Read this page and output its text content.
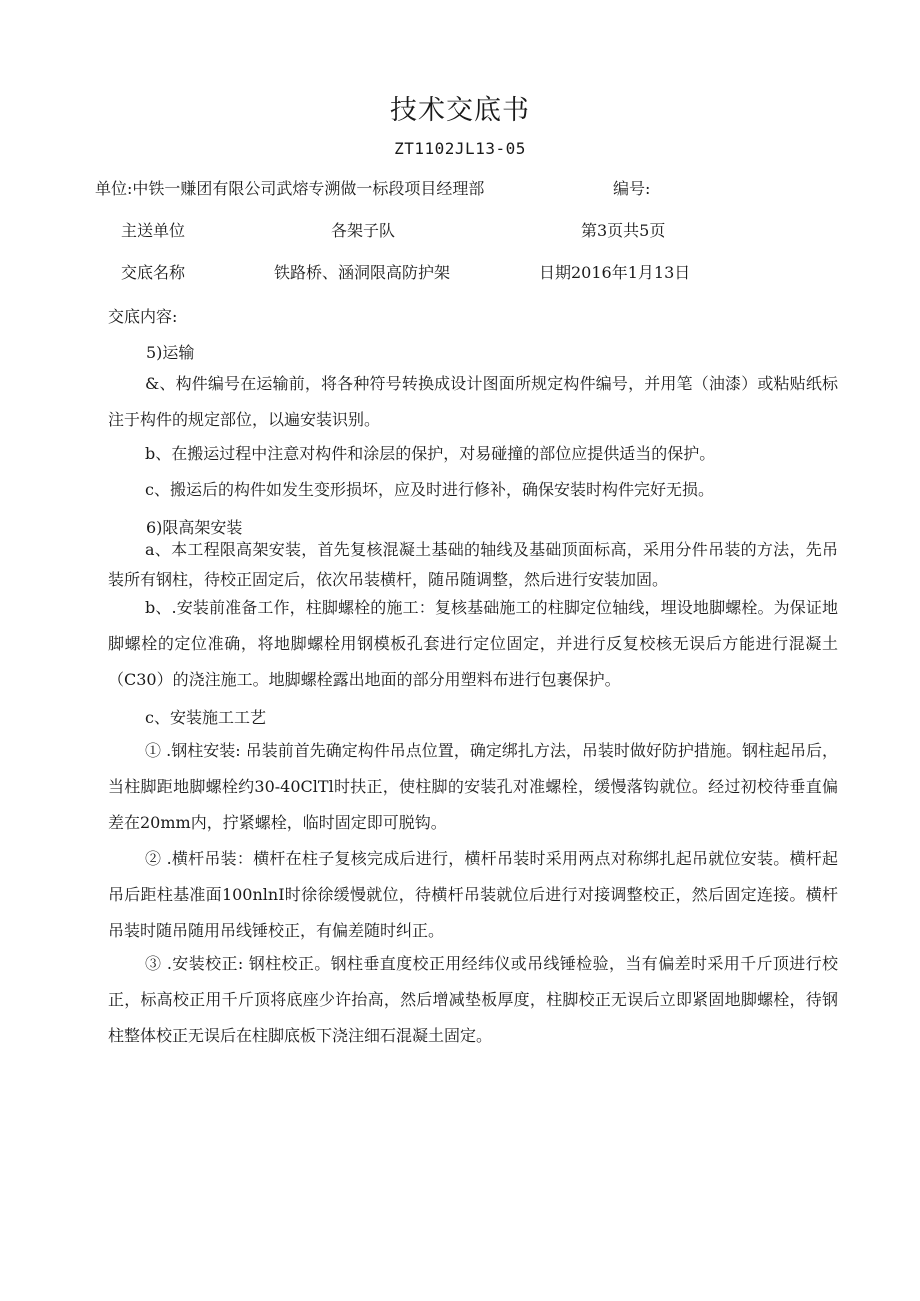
技术交底书
ZT1102JL13-05
单位:中铁一赚团有限公司武熔专溯做一标段项目经理部	编号:
主送单位	各架子队	第3页共5页
交底名称	铁路桥、涵洞限高防护架	日期2016年1月13日
交底内容:
5)运输
&、构件编号在运输前，将各种符号转换成设计图面所规定构件编号，并用笔（油漆）或粘贴纸标注于构件的规定部位，以遍安装识别。
b、在搬运过程中注意对构件和涂层的保护，对易碰撞的部位应提供适当的保护。
c、搬运后的构件如发生变形损坏，应及时进行修补，确保安装时构件完好无损。
6)限高架安装
a、本工程限高架安装，首先复核混凝土基础的轴线及基础顶面标高，采用分件吊装的方法，先吊装所有钢柱，待校正固定后，依次吊装横杆，随吊随调整，然后进行安装加固。
b、.安装前准备工作，柱脚螺栓的施工：复核基础施工的柱脚定位轴线，埋设地脚螺栓。为保证地脚螺栓的定位准确，将地脚螺栓用钢模板孔套进行定位固定，并进行反复校核无误后方能进行混凝土（C30）的浇注施工。地脚螺栓露出地面的部分用塑料布进行包裹保护。
c、安装施工工艺
① .钢柱安装: 吊装前首先确定构件吊点位置，确定绑扎方法，吊装时做好防护措施。钢柱起吊后，当柱脚距地脚螺栓约30-40ClTl时扶正，使柱脚的安装孔对准螺栓，缓慢落钩就位。经过初校待垂直偏差在20mm内，拧紧螺栓，临时固定即可脱钩。
② .横杆吊装：横杆在柱子复核完成后进行，横杆吊装时采用两点对称绑扎起吊就位安装。横杆起吊后距柱基准面100nlnI时徐徐缓慢就位，待横杆吊装就位后进行对接调整校正，然后固定连接。横杆吊装时随吊随用吊线锤校正，有偏差随时纠正。
③ .安装校正: 钢柱校正。钢柱垂直度校正用经纬仪或吊线锤检验，当有偏差时采用千斤顶进行校正，标高校正用千斤顶将底座少许抬高，然后增减垫板厚度，柱脚校正无误后立即紧固地脚螺栓，待钢柱整体校正无误后在柱脚底板下浇注细石混凝土固定。
